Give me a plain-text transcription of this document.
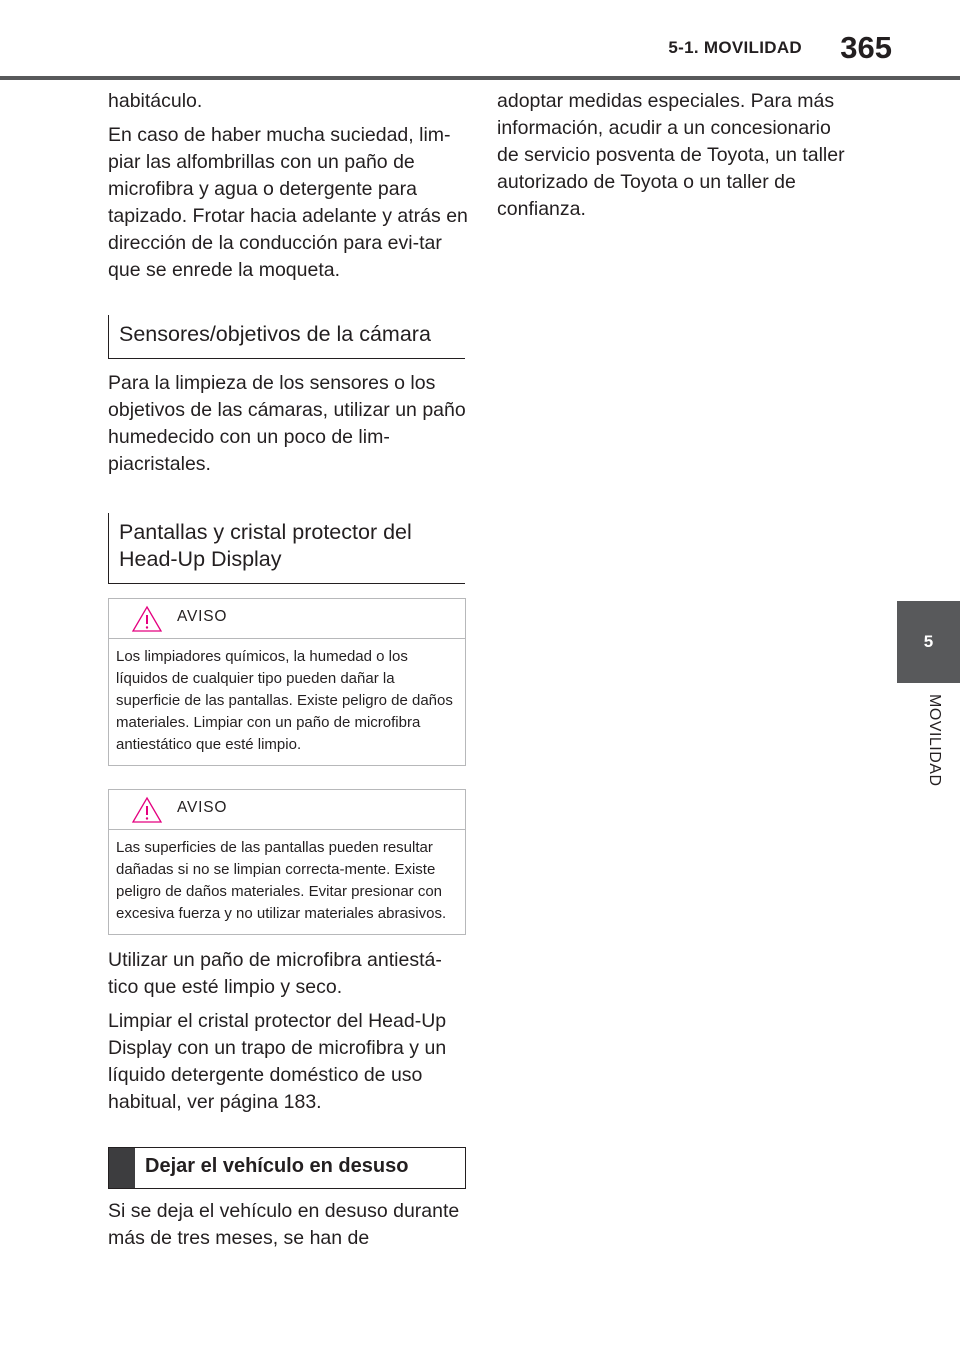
5-1. MOVILIDAD	365
5
MOVILIDAD

habitáculo.

En caso de haber mucha suciedad, lim-piar las alfombrillas con un paño de microfibra y agua o detergente para tapizado. Frotar hacia adelante y atrás en dirección de la conducción para evi-tar que se enrede la moqueta.

Sensores/objetivos de la cámara

Para la limpieza de los sensores o los objetivos de las cámaras, utilizar un paño humedecido con un poco de lim-piacristales.

Pantallas y cristal protector del Head-Up Display
AVISO
Los limpiadores químicos, la humedad o los líquidos de cualquier tipo pueden dañar la superficie de las pantallas. Existe peligro de daños materiales. Limpiar con un paño de microfibra antiestático que esté limpio.
AVISO
Las superficies de las pantallas pueden resultar dañadas si no se limpian correcta-mente. Existe peligro de daños materiales. Evitar presionar con excesiva fuerza y no utilizar materiales abrasivos.

Utilizar un paño de microfibra antiestá-tico que esté limpio y seco.

Limpiar el cristal protector del Head-Up Display con un trapo de microfibra y un líquido detergente doméstico de uso habitual, ver página 183.

Dejar el vehículo en desuso

Si se deja el vehículo en desuso durante más de tres meses, se han de

adoptar medidas especiales. Para más información, acudir a un concesionario de servicio posventa de Toyota, un taller autorizado de Toyota o un taller de confianza.
